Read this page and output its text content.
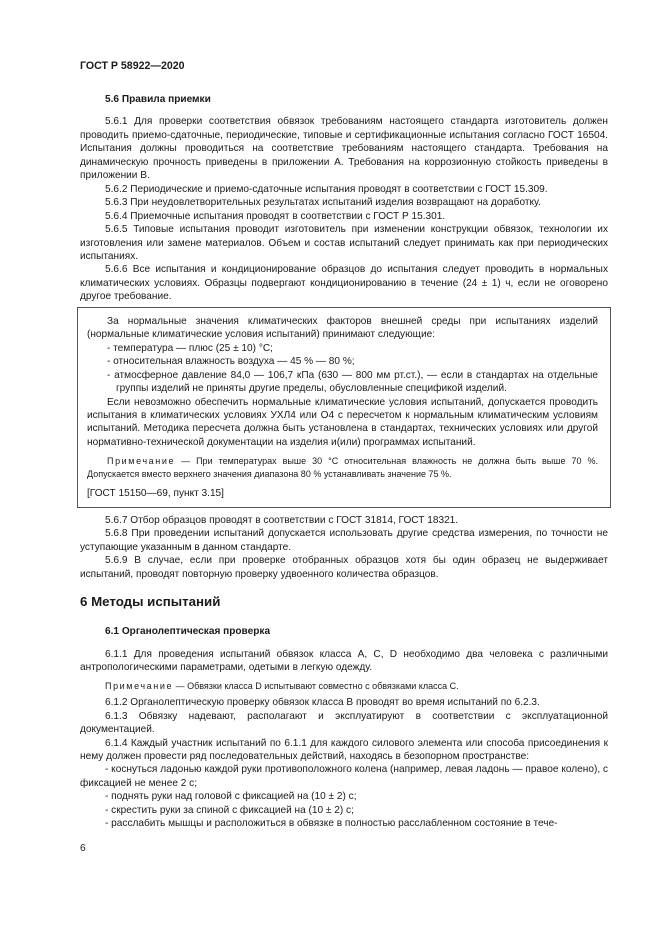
ГОСТ Р 58922—2020
5.6 Правила приемки

5.6.1 Для проверки соответствия обвязок требованиям настоящего стандарта изготовитель должен проводить приемо-сдаточные, периодические, типовые и сертификационные испытания согласно ГОСТ 16504. Испытания должны проводиться на соответствие требованиям настоящего стандарта. Требования на динамическую прочность приведены в приложении А. Требования на коррозионную стойкость приведены в приложении В.

5.6.2 Периодические и приемо-сдаточные испытания проводят в соответствии с ГОСТ 15.309.

5.6.3 При неудовлетворительных результатах испытаний изделия возвращают на доработку.

5.6.4 Приемочные испытания проводят в соответствии с ГОСТ Р 15.301.

5.6.5 Типовые испытания проводит изготовитель при изменении конструкции обвязок, технологии их изготовления или замене материалов. Объем и состав испытаний следует принимать как при периодических испытаниях.

5.6.6 Все испытания и кондиционирование образцов до испытания следует проводить в нормальных климатических условиях. Образцы подвергают кондиционированию в течение (24 ± 1) ч, если не оговорено другое требование.

За нормальные значения климатических факторов внешней среды при испытаниях изделий (нормальные климатические условия испытаний) принимают следующие:

- температура — плюс (25 ± 10) °С;

- относительная влажность воздуха — 45 % — 80 %;

- атмосферное давление 84,0 — 106,7 кПа (630 — 800 мм рт.ст.), — если в стандартах на отдельные группы изделий не приняты другие пределы, обусловленные спецификой изделий.

Если невозможно обеспечить нормальные климатические условия испытаний, допускается проводить испытания в климатических условиях УХЛ4 или О4 с пересчетом к нормальным климатическим условиям испытаний. Методика пересчета должна быть установлена в стандартах, технических условиях или другой нормативно-технической документации на изделия и(или) программах испытаний.

Примечание — При температурах выше 30 °С относительная влажность не должна быть выше 70 %. Допускается вместо верхнего значения диапазона 80 % устанавливать значение 75 %.

[ГОСТ 15150—69, пункт 3.15]

5.6.7 Отбор образцов проводят в соответствии с ГОСТ 31814, ГОСТ 18321.

5.6.8 При проведении испытаний допускается использовать другие средства измерения, по точности не уступающие указанным в данном стандарте.

5.6.9 В случае, если при проверке отобранных образцов хотя бы один образец не выдерживает испытаний, проводят повторную проверку удвоенного количества образцов.

6 Методы испытаний
6.1 Органолептическая проверка

6.1.1 Для проведения испытаний обвязок класса А, С, D необходимо два человека с различными антропологическими параметрами, одетыми в легкую одежду.

Примечание — Обвязки класса D испытывают совместно с обвязками класса С.

6.1.2 Органолептическую проверку обвязок класса В проводят во время испытаний по 6.2.3.

6.1.3 Обвязку надевают, располагают и эксплуатируют в соответствии с эксплуатационной документацией.

6.1.4 Каждый участник испытаний по 6.1.1 для каждого силового элемента или способа присоединения к нему должен провести ряд последовательных действий, находясь в безопорном пространстве:

- коснуться ладонью каждой руки противоположного колена (например, левая ладонь — правое колено), с фиксацией не менее 2 с;

- поднять руки над головой с фиксацией на (10 ± 2) с;

- скрестить руки за спиной с фиксацией на (10 ± 2) с;

- расслабить мышцы и расположиться в обвязке в полностью расслабленном состояние в тече-

6
